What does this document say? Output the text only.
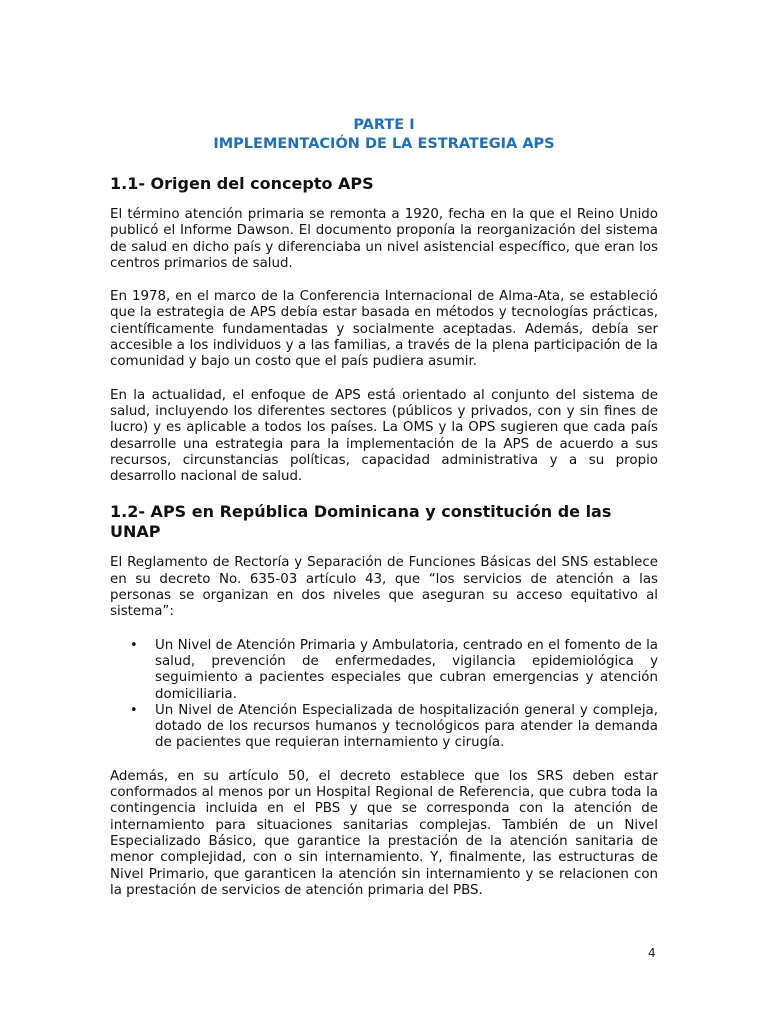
PARTE I
IMPLEMENTACIÓN DE LA ESTRATEGIA APS
1.1- Origen del concepto APS

El término atención primaria se remonta a 1920, fecha en la que el Reino Unido publicó el Informe Dawson. El documento proponía la reorganización del sistema de salud en dicho país y diferenciaba un nivel asistencial específico, que eran los centros primarios de salud.

En 1978, en el marco de la Conferencia Internacional de Alma-Ata, se estableció que la estrategia de APS debía estar basada en métodos y tecnologías prácticas, científicamente fundamentadas y socialmente aceptadas. Además, debía ser accesible a los individuos y a las familias, a través de la plena participación de la comunidad y bajo un costo que el país pudiera asumir.

En la actualidad, el enfoque de APS está orientado al conjunto del sistema de salud, incluyendo los diferentes sectores (públicos y privados, con y sin fines de lucro) y es aplicable a todos los países. La OMS y la OPS sugieren que cada país desarrolle una estrategia para la implementación de la APS de acuerdo a sus recursos, circunstancias políticas, capacidad administrativa y a su propio desarrollo nacional de salud.

1.2- APS en República Dominicana y constitución de las UNAP

El Reglamento de Rectoría y Separación de Funciones Básicas del SNS establece en su decreto No. 635-03 artículo 43, que “los servicios de atención a las personas se organizan en dos niveles que aseguran su acceso equitativo al sistema”:

• Un Nivel de Atención Primaria y Ambulatoria, centrado en el fomento de la salud, prevención de enfermedades, vigilancia epidemiológica y seguimiento a pacientes especiales que cubran emergencias y atención domiciliaria.
• Un Nivel de Atención Especializada de hospitalización general y compleja, dotado de los recursos humanos y tecnológicos para atender la demanda de pacientes que requieran internamiento y cirugía.

Además, en su artículo 50, el decreto establece que los SRS deben estar conformados al menos por un Hospital Regional de Referencia, que cubra toda la contingencia incluida en el PBS y que se corresponda con la atención de internamiento para situaciones sanitarias complejas. También de un Nivel Especializado Básico, que garantice la prestación de la atención sanitaria de menor complejidad, con o sin internamiento. Y, finalmente, las estructuras de Nivel Primario, que garanticen la atención sin internamiento y se relacionen con la prestación de servicios de atención primaria del PBS.

4
